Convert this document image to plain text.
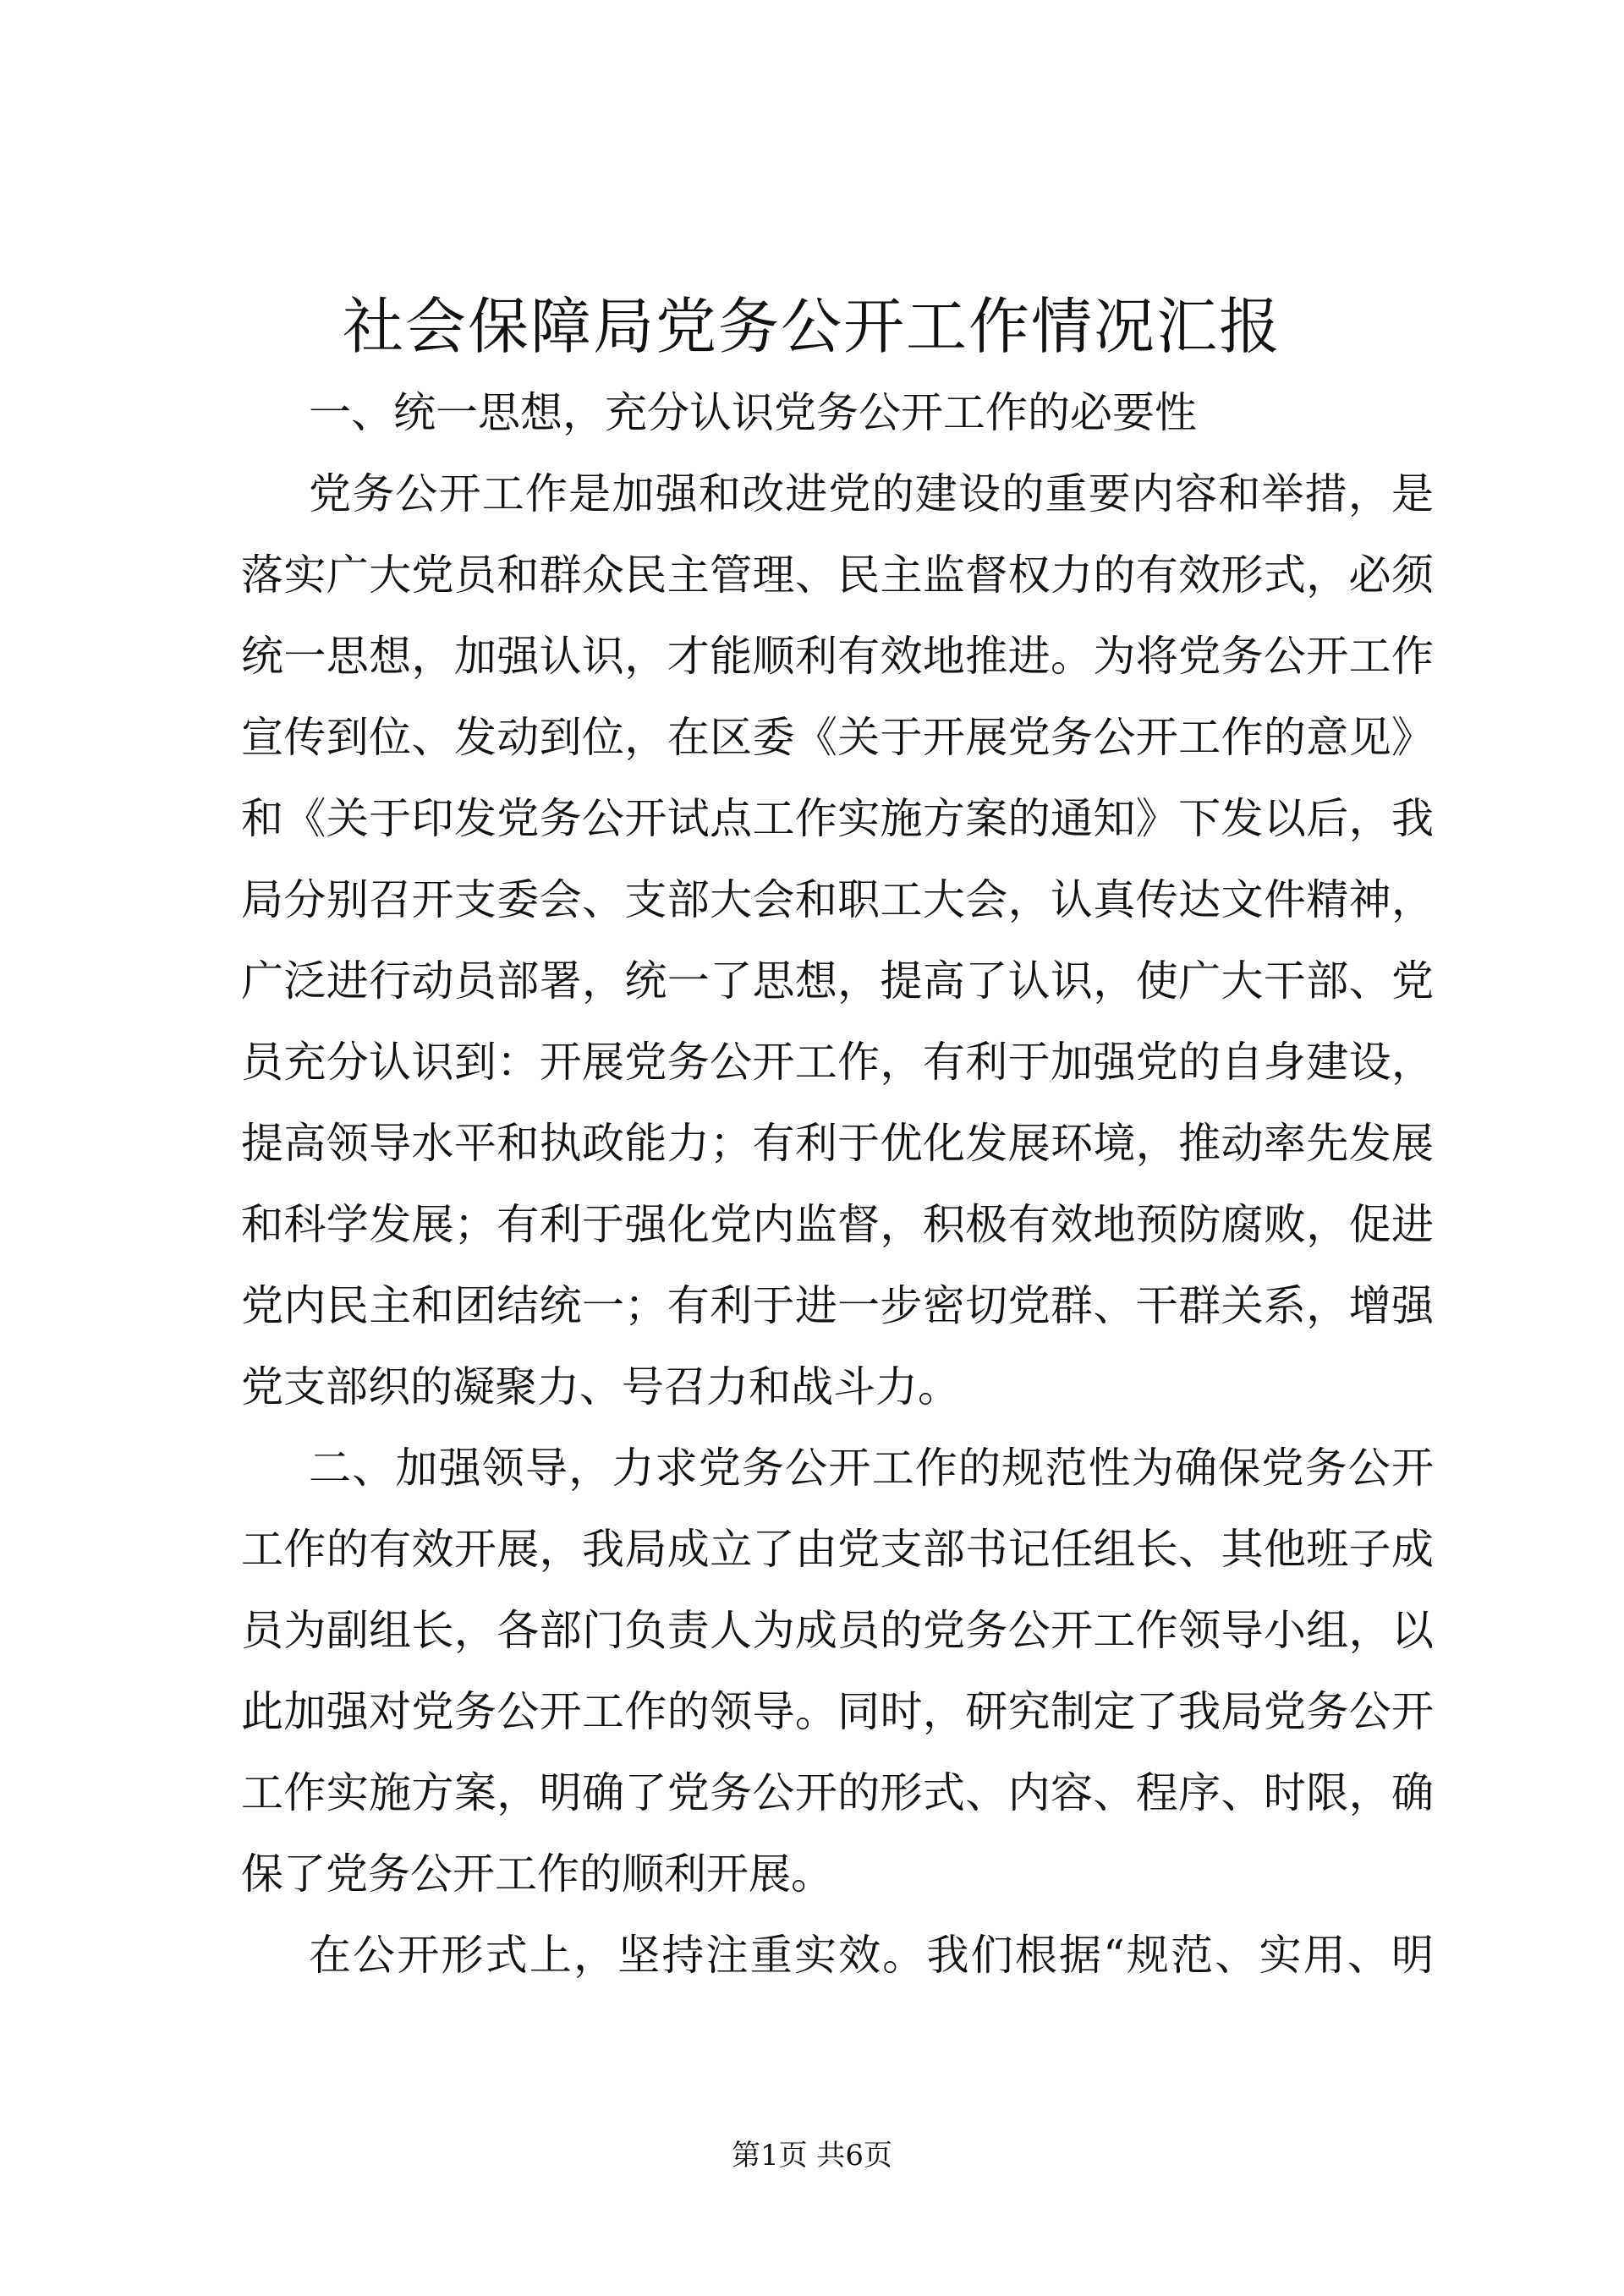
社会保障局党务公开工作情况汇报
一、统一思想，充分认识党务公开工作的必要性
党务公开工作是加强和改进党的建设的重要内容和举措，是
落实广大党员和群众民主管理、民主监督权力的有效形式，必须
统一思想，加强认识，才能顺利有效地推进。为将党务公开工作
宣传到位、发动到位，在区委《关于开展党务公开工作的意见》
和《关于印发党务公开试点工作实施方案的通知》下发以后，我
局分别召开支委会、支部大会和职工大会，认真传达文件精神，
广泛进行动员部署，统一了思想，提高了认识，使广大干部、党
员充分认识到：开展党务公开工作，有利于加强党的自身建设，
提高领导水平和执政能力；有利于优化发展环境，推动率先发展
和科学发展；有利于强化党内监督，积极有效地预防腐败，促进
党内民主和团结统一；有利于进一步密切党群、干群关系，增强
党支部织的凝聚力、号召力和战斗力。
二、加强领导，力求党务公开工作的规范性为确保党务公开
工作的有效开展，我局成立了由党支部书记任组长、其他班子成
员为副组长，各部门负责人为成员的党务公开工作领导小组，以
此加强对党务公开工作的领导。同时，研究制定了我局党务公开
工作实施方案，明确了党务公开的形式、内容、程序、时限，确
保了党务公开工作的顺利开展。
在公开形式上，坚持注重实效。我们根据“规范、实用、明
第1页 共6页
